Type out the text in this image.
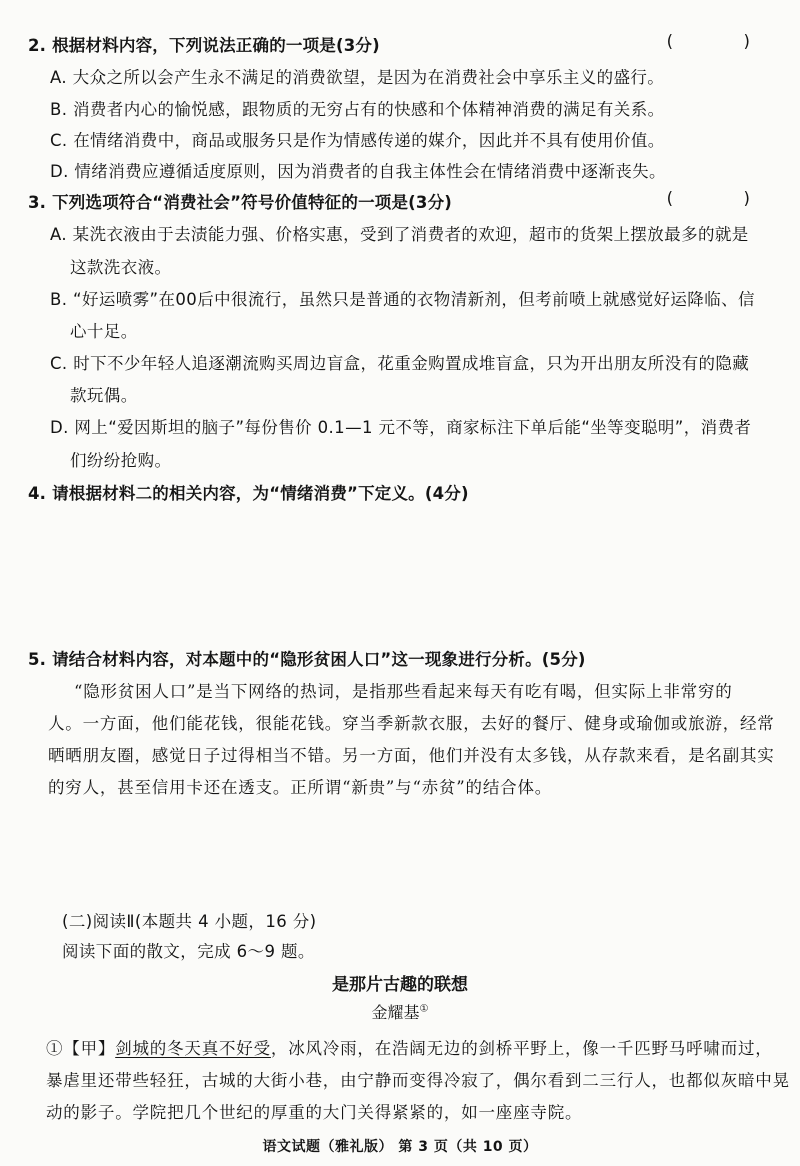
2. 根据材料内容，下列说法正确的一项是(3分)	(  )
A. 大众之所以会产生永不满足的消费欲望，是因为在消费社会中享乐主义的盛行。
B. 消费者内心的愉悦感，跟物质的无穷占有的快感和个体精神消费的满足有关系。
C. 在情绪消费中，商品或服务只是作为情感传递的媒介，因此并不具有使用价值。
D. 情绪消费应遵循适度原则，因为消费者的自我主体性会在情绪消费中逐渐丧失。
3. 下列选项符合“消费社会”符号价值特征的一项是(3分)	(  )
A. 某洗衣液由于去渍能力强、价格实惠，受到了消费者的欢迎，超市的货架上摆放最多的就是
这款洗衣液。
B. “好运喷雾”在00后中很流行，虽然只是普通的衣物清新剂，但考前喷上就感觉好运降临、信
心十足。
C. 时下不少年轻人追逐潮流购买周边盲盒，花重金购置成堆盲盒，只为开出朋友所没有的隐藏
款玩偶。
D. 网上“爱因斯坦的脑子”每份售价 0.1—1 元不等，商家标注下单后能“坐等变聪明”，消费者
们纷纷抢购。
4. 请根据材料二的相关内容，为“情绪消费”下定义。(4分)
5. 请结合材料内容，对本题中的“隐形贫困人口”这一现象进行分析。(5分)
“隐形贫困人口”是当下网络的热词，是指那些看起来每天有吃有喝，但实际上非常穷的
人。一方面，他们能花钱，很能花钱。穿当季新款衣服，去好的餐厅、健身或瑜伽或旅游，经常
晒晒朋友圈，感觉日子过得相当不错。另一方面，他们并没有太多钱，从存款来看，是名副其实
的穷人，甚至信用卡还在透支。正所谓“新贵”与“赤贫”的结合体。
(二)阅读Ⅱ(本题共 4 小题，16 分)
阅读下面的散文，完成 6～9 题。
是那片古趣的联想
金耀基①
①【甲】剑城的冬天真不好受，冰风冷雨，在浩阔无边的剑桥平野上，像一千匹野马呼啸而过，
暴虐里还带些轻狂，古城的大街小巷，由宁静而变得冷寂了，偶尔看到二三行人，也都似灰暗中晃
动的影子。学院把几个世纪的厚重的大门关得紧紧的，如一座座寺院。
语文试题（雅礼版） 第 3 页（共 10 页）
